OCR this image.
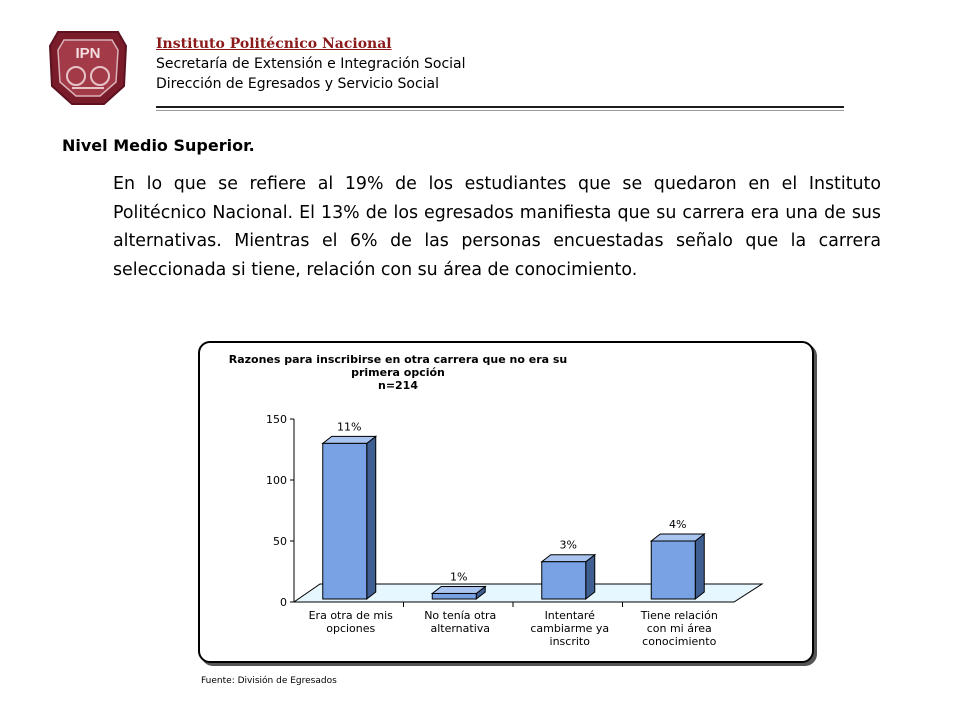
IPN
Instituto Politécnico Nacional
Secretaría de Extensión e Integración Social
Dirección de Egresados y Servicio Social
Nivel Medio Superior.

En lo que se refiere al 19% de los estudiantes que se quedaron en el Instituto Politécnico Nacional. El 13% de los egresados manifiesta que su carrera era una de sus alternativas. Mientras el 6% de las personas encuestadas señalo que la carrera seleccionada si tiene, relación con su área de conocimiento.

Razones para inscribirse en otra carrera que no era su primera opción n=214
0
50
100
150
Era otra de mis opciones
No tenía otra alternativa
Intentaré cambiarme ya inscrito
Tiene relación con mi área conocimiento
11%
1%
3%
4%
Fuente: División de Egresados
